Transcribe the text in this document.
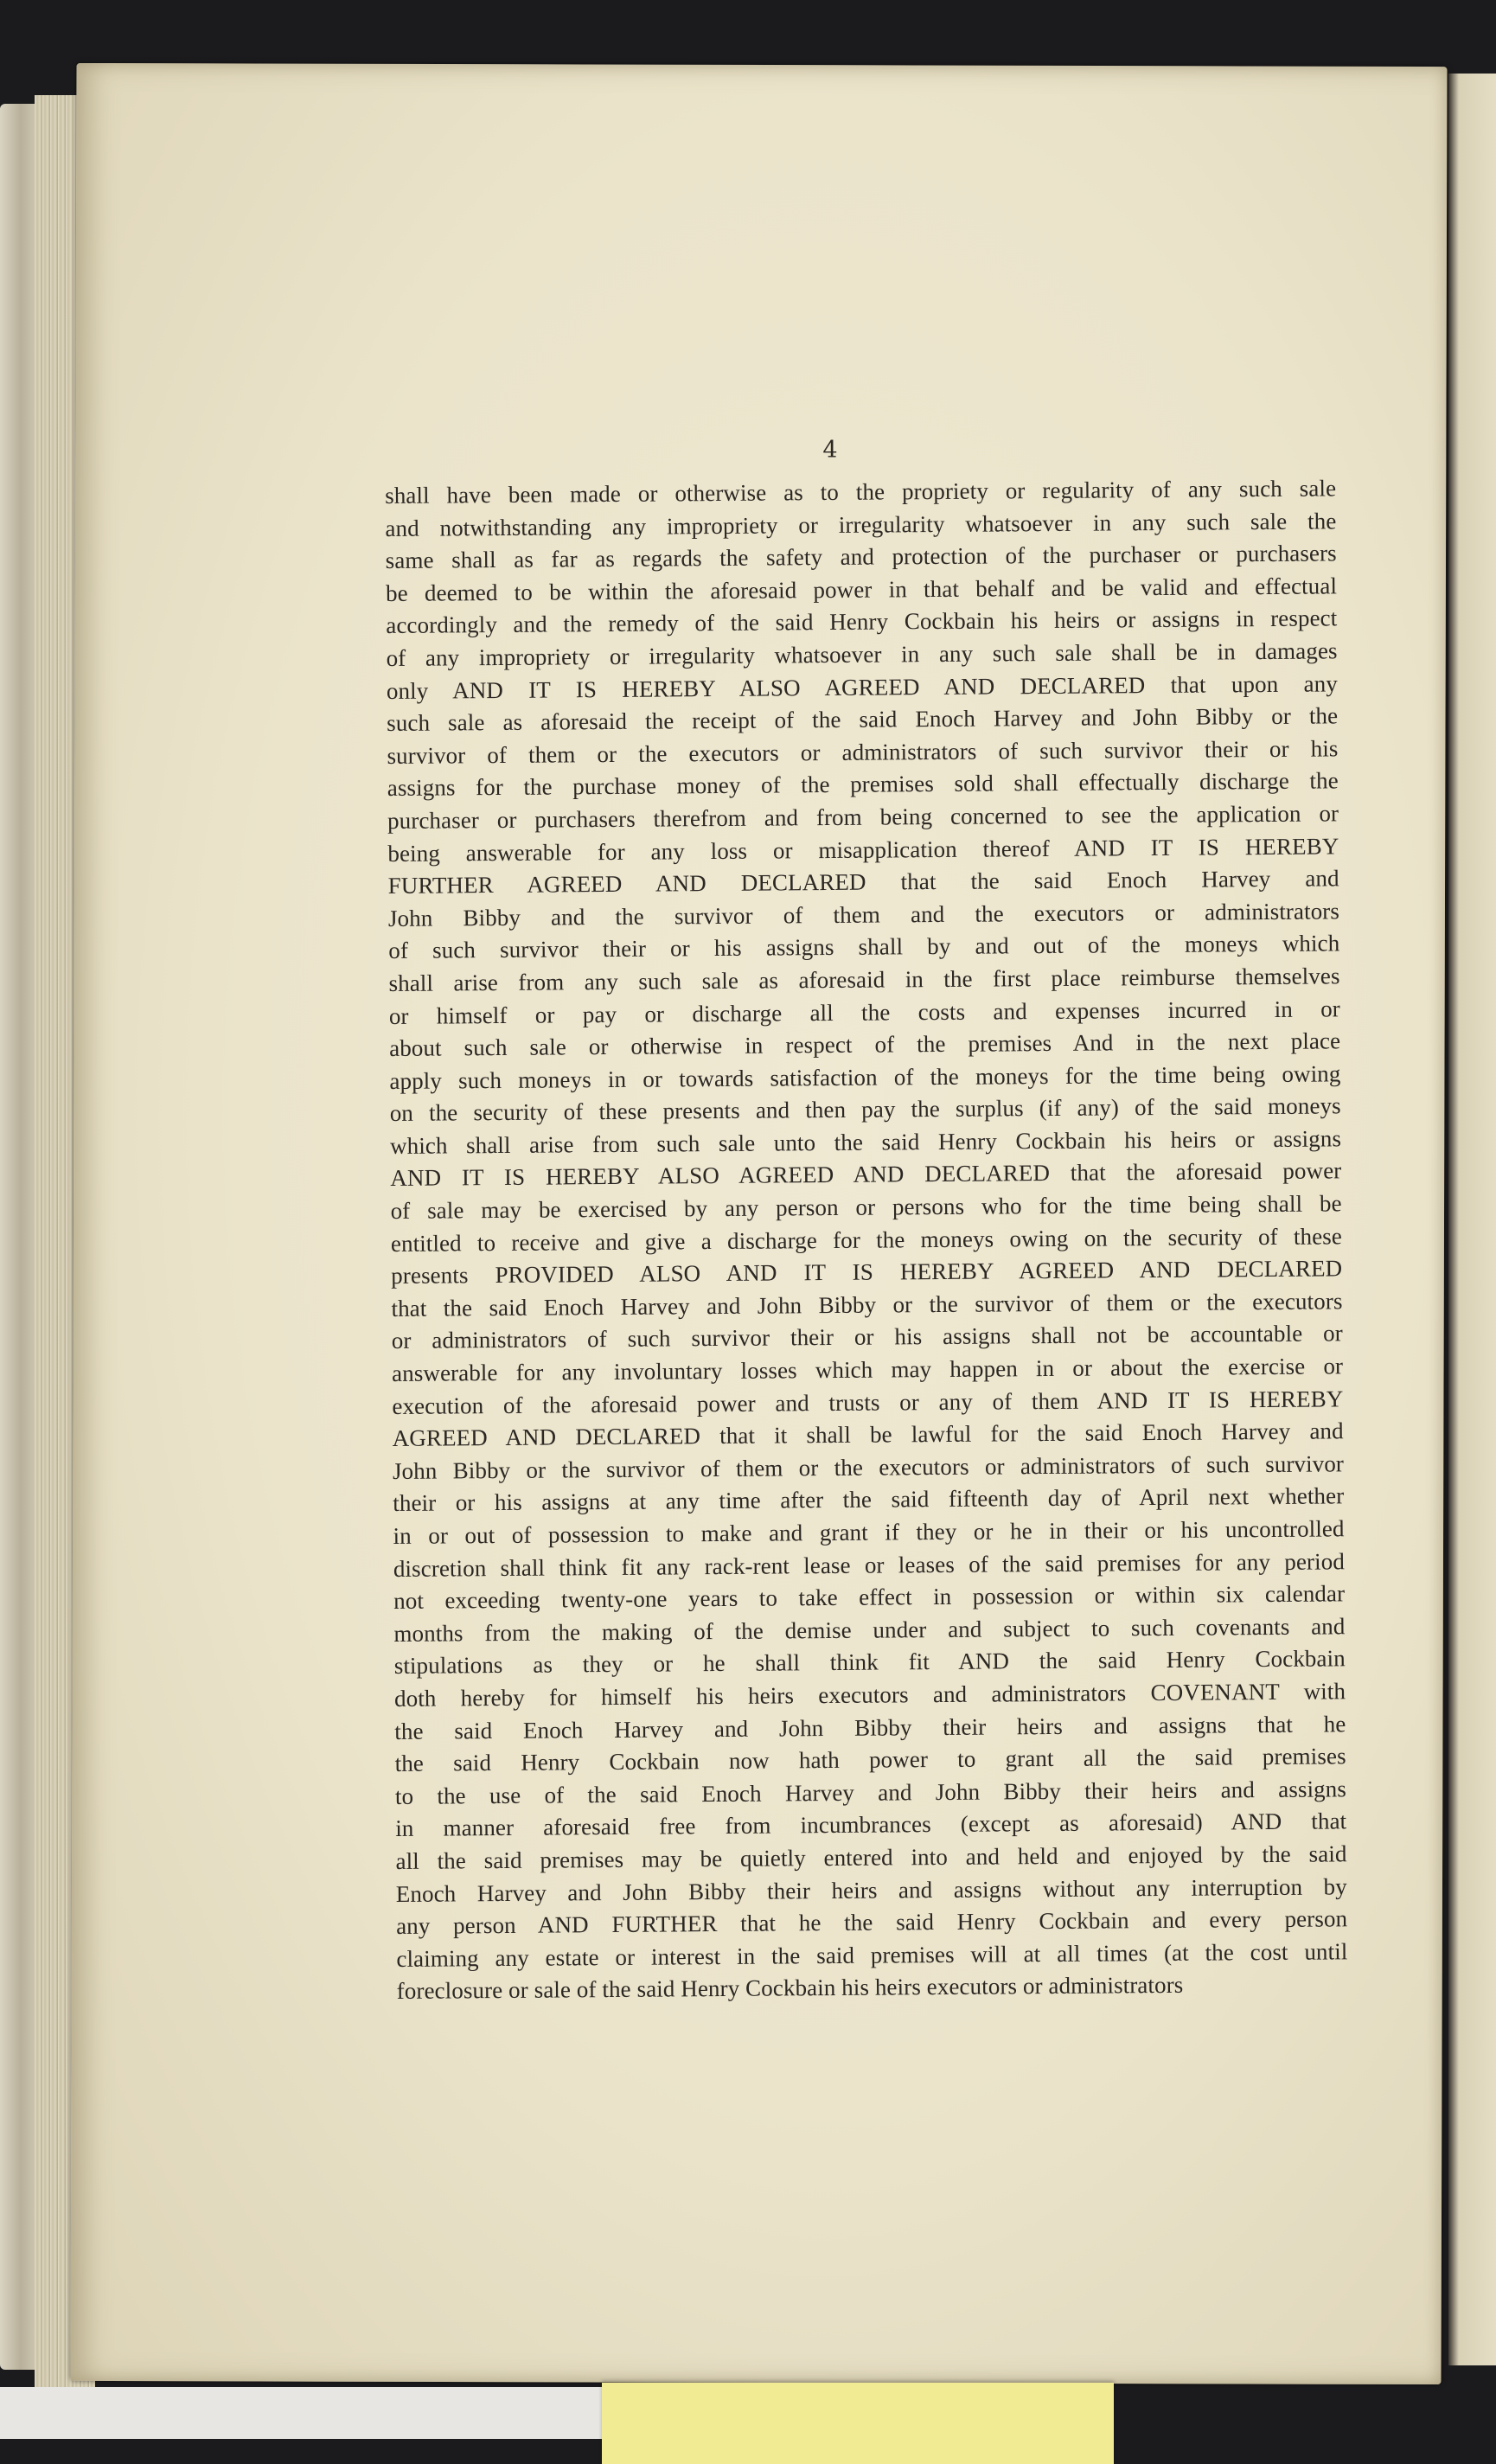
4
shall have been made or otherwise as to the propriety or regularity of any such sale
and notwithstanding any impropriety or irregularity whatsoever in any such sale the
same shall as far as regards the safety and protection of the purchaser or purchasers
be deemed to be within the aforesaid power in that behalf and be valid and effectual
accordingly and the remedy of the said Henry Cockbain his heirs or assigns in respect
of any impropriety or irregularity whatsoever in any such sale shall be in damages
only AND IT IS HEREBY ALSO AGREED AND DECLARED that upon any
such sale as aforesaid the receipt of the said Enoch Harvey and John Bibby or the
survivor of them or the executors or administrators of such survivor their or his
assigns for the purchase money of the premises sold shall effectually discharge the
purchaser or purchasers therefrom and from being concerned to see the application or
being answerable for any loss or misapplication thereof AND IT IS HEREBY
FURTHER AGREED AND DECLARED that the said Enoch Harvey and
John Bibby and the survivor of them and the executors or administrators
of such survivor their or his assigns shall by and out of the moneys which
shall arise from any such sale as aforesaid in the first place reimburse themselves
or himself or pay or discharge all the costs and expenses incurred in or
about such sale or otherwise in respect of the premises And in the next place
apply such moneys in or towards satisfaction of the moneys for the time being owing
on the security of these presents and then pay the surplus (if any) of the said moneys
which shall arise from such sale unto the said Henry Cockbain his heirs or assigns
AND IT IS HEREBY ALSO AGREED AND DECLARED that the aforesaid power
of sale may be exercised by any person or persons who for the time being shall be
entitled to receive and give a discharge for the moneys owing on the security of these
presents PROVIDED ALSO AND IT IS HEREBY AGREED AND DECLARED
that the said Enoch Harvey and John Bibby or the survivor of them or the executors
or administrators of such survivor their or his assigns shall not be accountable or
answerable for any involuntary losses which may happen in or about the exercise or
execution of the aforesaid power and trusts or any of them AND IT IS HEREBY
AGREED AND DECLARED that it shall be lawful for the said Enoch Harvey and
John Bibby or the survivor of them or the executors or administrators of such survivor
their or his assigns at any time after the said fifteenth day of April next whether
in or out of possession to make and grant if they or he in their or his uncontrolled
discretion shall think fit any rack-rent lease or leases of the said premises for any period
not exceeding twenty-one years to take effect in possession or within six calendar
months from the making of the demise under and subject to such covenants and
stipulations as they or he shall think fit AND the said Henry Cockbain
doth hereby for himself his heirs executors and administrators COVENANT with
the said Enoch Harvey and John Bibby their heirs and assigns that he
the said Henry Cockbain now hath power to grant all the said premises
to the use of the said Enoch Harvey and John Bibby their heirs and assigns
in manner aforesaid free from incumbrances (except as aforesaid) AND that
all the said premises may be quietly entered into and held and enjoyed by the said
Enoch Harvey and John Bibby their heirs and assigns without any interruption by
any person AND FURTHER that he the said Henry Cockbain and every person
claiming any estate or interest in the said premises will at all times (at the cost until
foreclosure or sale of the said Henry Cockbain his heirs executors or administrators
